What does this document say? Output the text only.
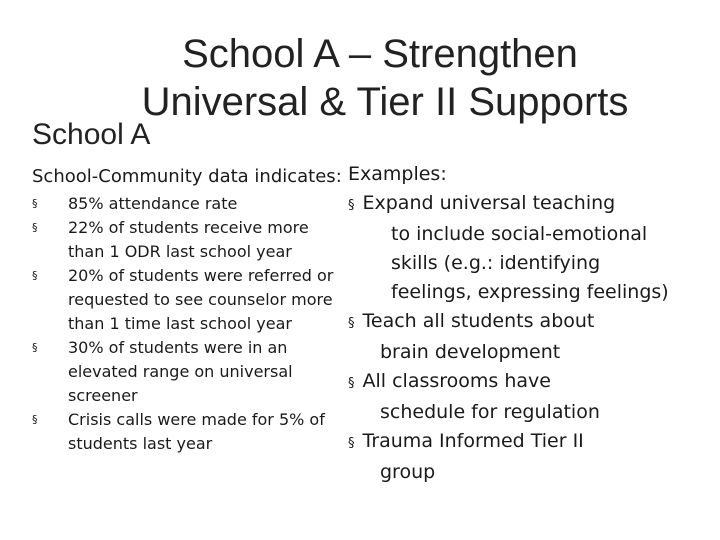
School A – Strengthen
Universal & Tier II Supports
School A

School-Community data indicates:

§ 85% attendance rate
§ 22% of students receive more than 1 ODR last school year
§ 20% of students were referred or requested to see counselor more than 1 time last school year
§ 30% of students were in an elevated range on universal screener
§ Crisis calls were made for 5% of students last year

Examples:

§ Expand universal teaching
to include social-emotional
skills (e.g.: identifying
feelings, expressing feelings)
§ Teach all students about
brain development
§ All classrooms have
schedule for regulation
§ Trauma Informed Tier II
group
